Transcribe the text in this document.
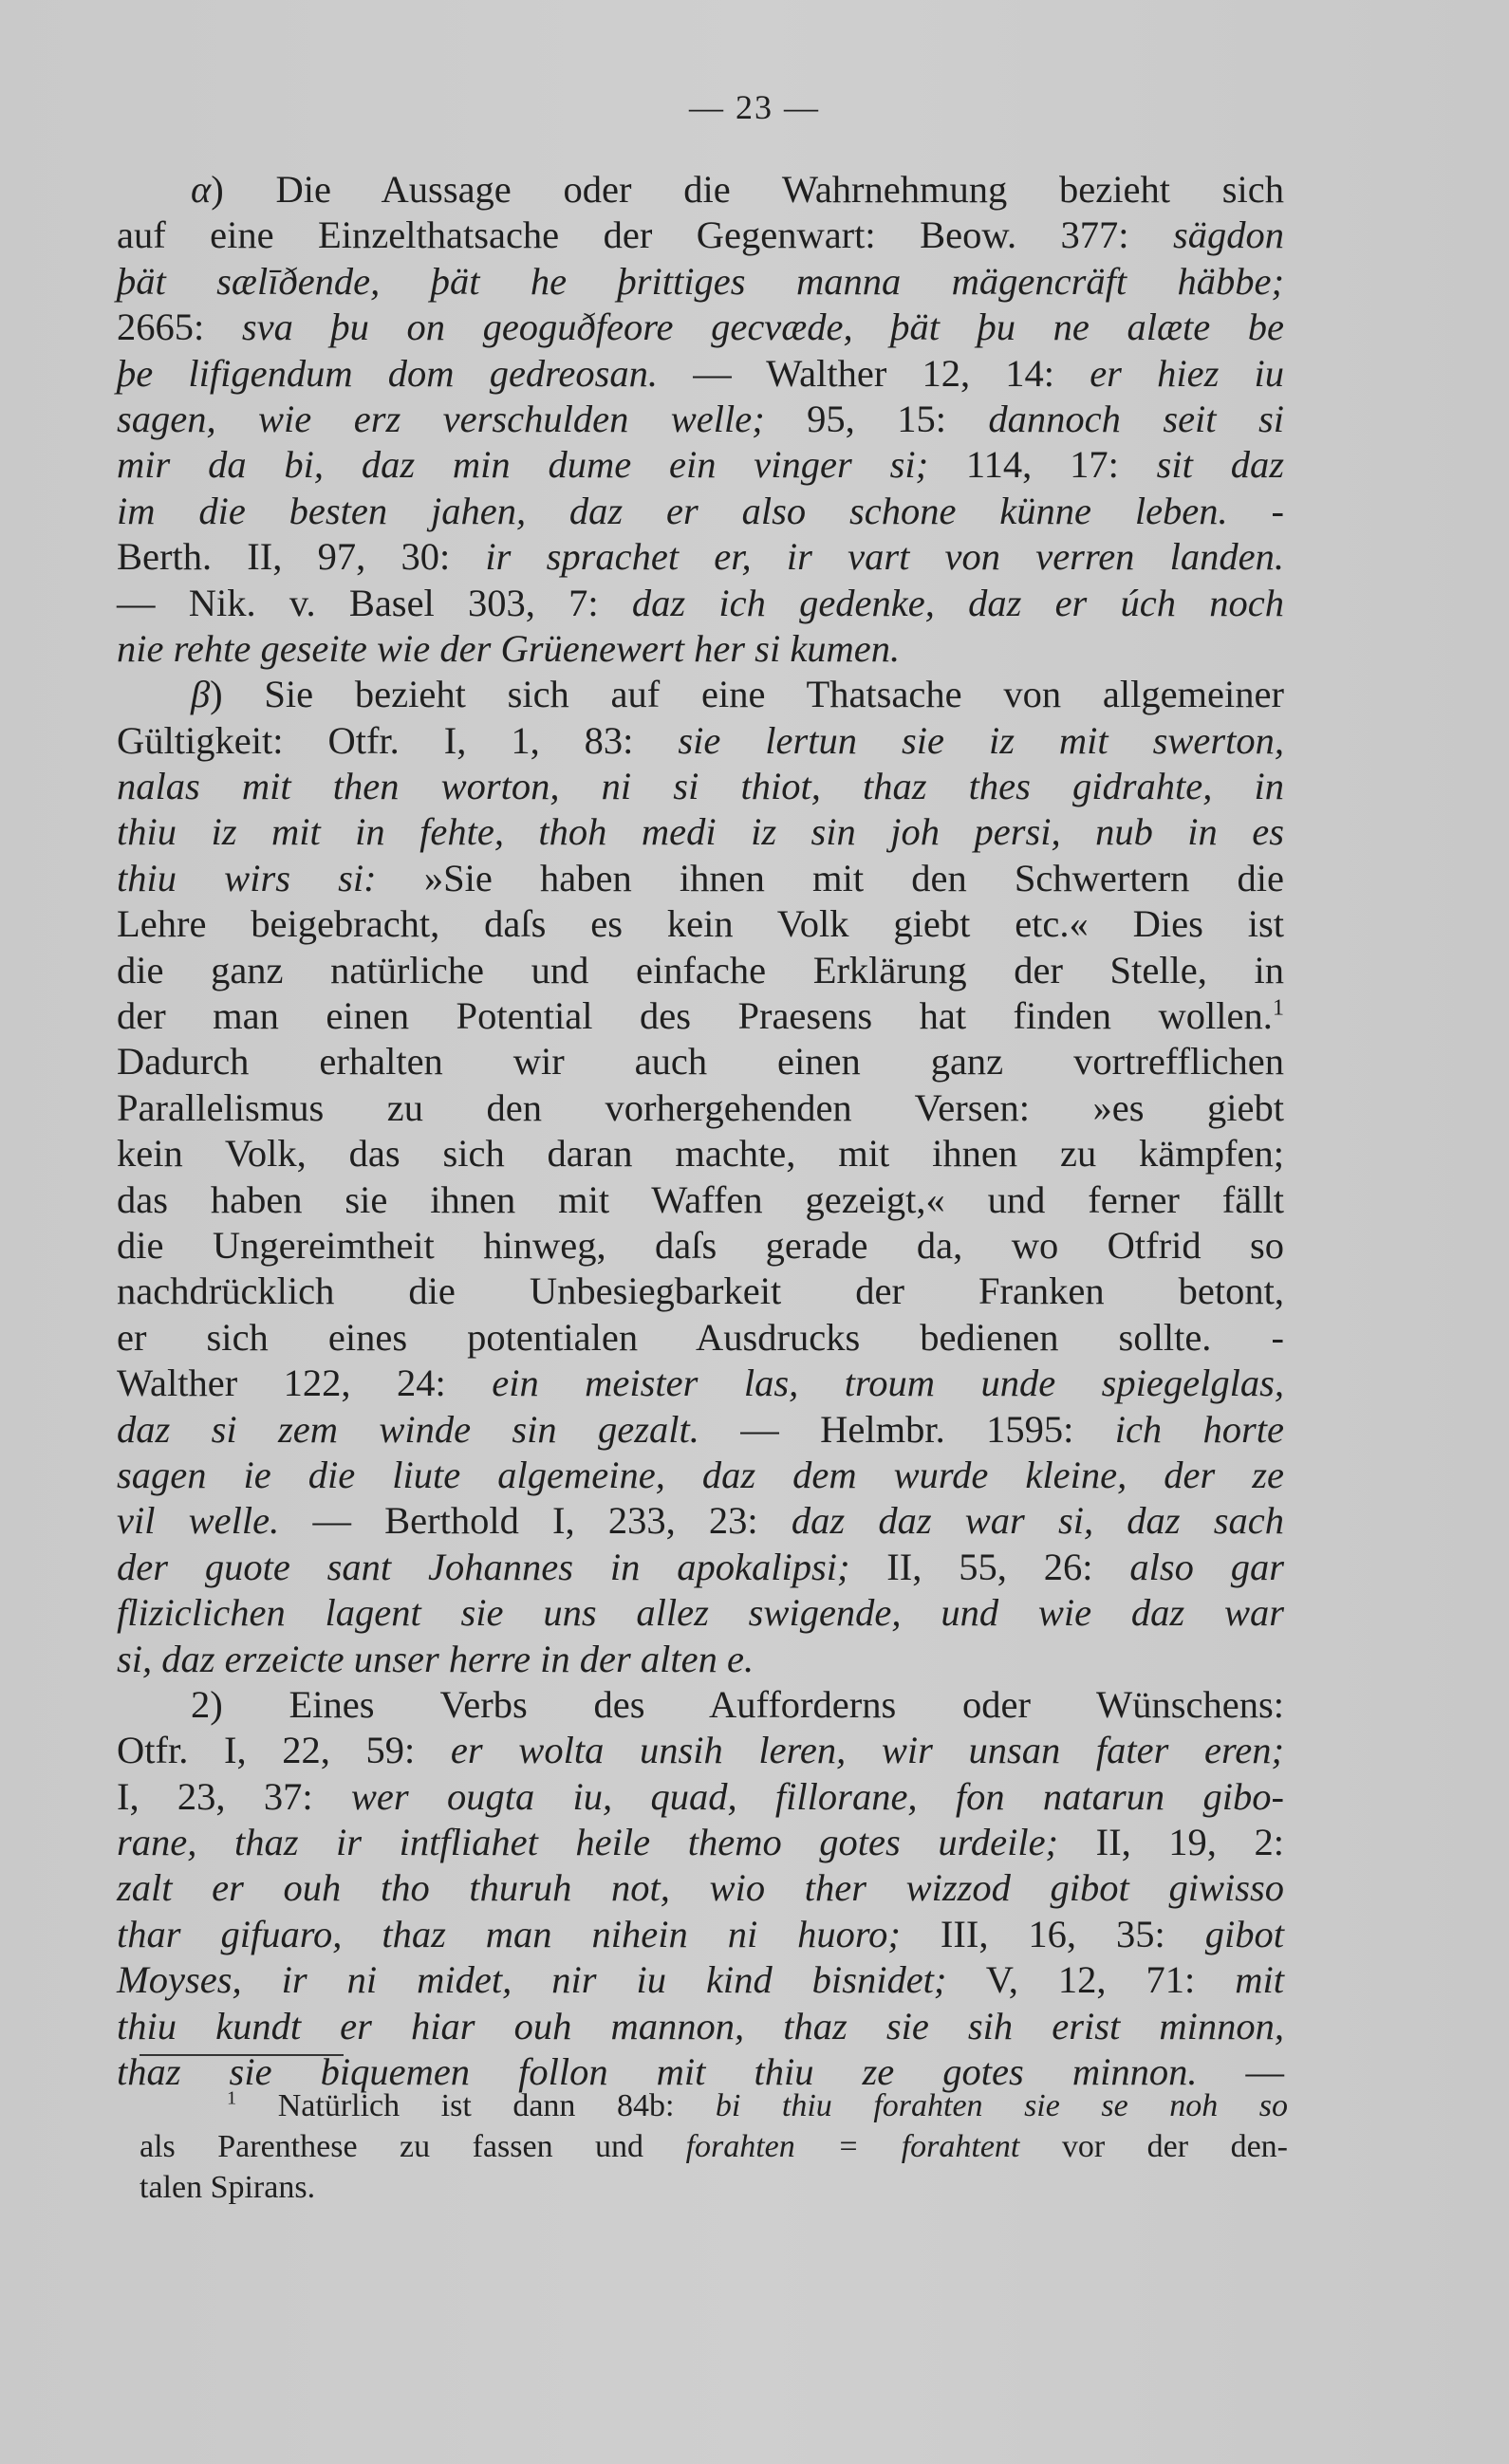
— 23 —
α) Die Aussage oder die Wahrnehmung bezieht sich
auf eine Einzelthatsache der Gegenwart: Beow. 377: sägdon
þät sælīðende, þät he þrittiges manna mägencräft häbbe;
2665: sva þu on geoguðfeore gecvæde, þät þu ne alæte be
þe lifigendum dom gedreosan. — Walther 12, 14: er hiez iu
sagen, wie erz verschulden welle; 95, 15: dannoch seit si
mir da bi, daz min dume ein vinger si; 114, 17: sit daz
im die besten jahen, daz er also schone künne leben. -
Berth. II, 97, 30: ir sprachet er, ir vart von verren landen.
— Nik. v. Basel 303, 7: daz ich gedenke, daz er úch noch
nie rehte geseite wie der Grüenewert her si kumen.
β) Sie bezieht sich auf eine Thatsache von allgemeiner
Gültigkeit: Otfr. I, 1, 83: sie lertun sie iz mit swerton,
nalas mit then worton, ni si thiot, thaz thes gidrahte, in
thiu iz mit in fehte, thoh medi iz sin joh persi, nub in es
thiu wirs si: »Sie haben ihnen mit den Schwertern die
Lehre beigebracht, daſs es kein Volk giebt etc.« Dies ist
die ganz natürliche und einfache Erklärung der Stelle, in
der man einen Potential des Praesens hat finden wollen.$^1$
Dadurch erhalten wir auch einen ganz vortrefflichen
Parallelismus zu den vorhergehenden Versen: »es giebt
kein Volk, das sich daran machte, mit ihnen zu kämpfen;
das haben sie ihnen mit Waffen gezeigt,« und ferner fällt
die Ungereimtheit hinweg, daſs gerade da, wo Otfrid so
nachdrücklich die Unbesiegbarkeit der Franken betont,
er sich eines potentialen Ausdrucks bedienen sollte. -
Walther 122, 24: ein meister las, troum unde spiegelglas,
daz si zem winde sin gezalt. — Helmbr. 1595: ich horte
sagen ie die liute algemeine, daz dem wurde kleine, der ze
vil welle. — Berthold I, 233, 23: daz daz war si, daz sach
der guote sant Johannes in apokalipsi; II, 55, 26: also gar
fliziclichen lagent sie uns allez swigende, und wie daz war
si, daz erzeicte unser herre in der alten e.
2) Eines Verbs des Aufforderns oder Wünschens:
Otfr. I, 22, 59: er wolta unsih leren, wir unsan fater eren;
I, 23, 37: wer ougta iu, quad, fillorane, fon natarun gibo-
rane, thaz ir intfliahet heile themo gotes urdeile; II, 19, 2:
zalt er ouh tho thuruh not, wio ther wizzod gibot giwisso
thar gifuaro, thaz man nihein ni huoro; III, 16, 35: gibot
Moyses, ir ni midet, nir iu kind bisnidet; V, 12, 71: mit
thiu kundt er hiar ouh mannon, thaz sie sih erist minnon,
thaz sie biquemen follon mit thiu ze gotes minnon. —
$^1$ Natürlich ist dann 84b: bi thiu forahten sie se noh so
als Parenthese zu fassen und forahten = forahtent vor der den-
talen Spirans.
